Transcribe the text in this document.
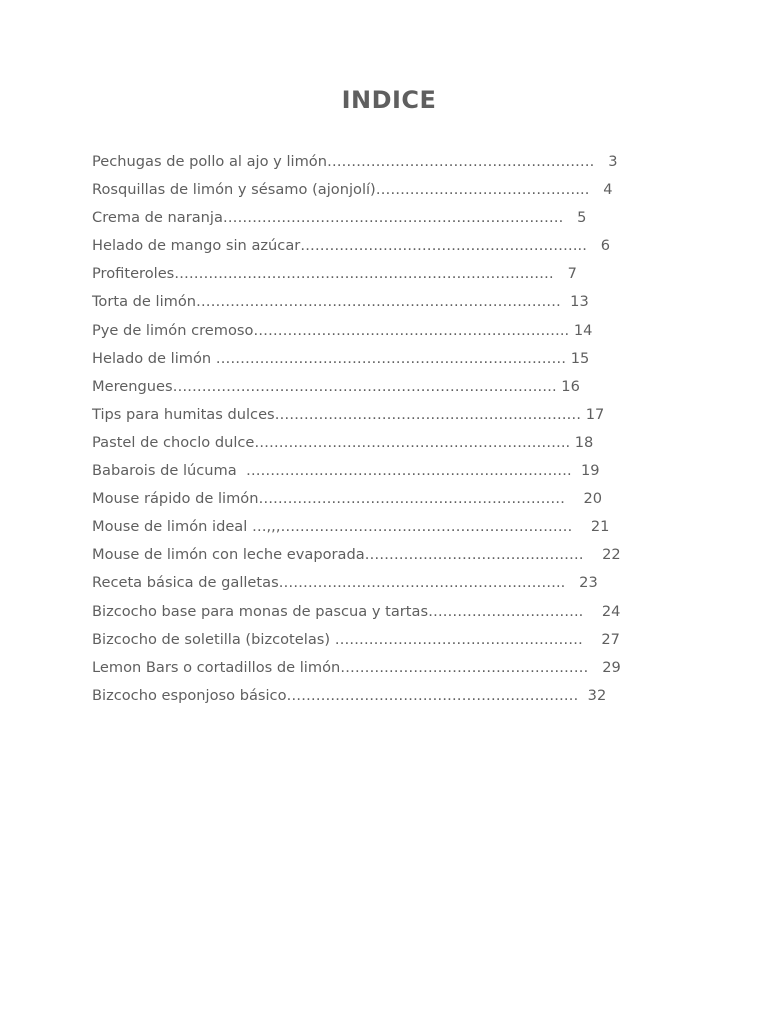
INDICE
Pechugas de pollo al ajo y limón……………………………………………….   3
Rosquillas de limón y sésamo (ajonjolí)……………………………………..   4
Crema de naranja…………………………………………………………….   5
Helado de mango sin azúcar…………………………………………………..   6
Profiteroles……………………………………………………………………   7
Torta de limón…………………………………………………………………  13
Pye de limón cremoso……………………………………………………….. 14
Helado de limón ……………………………………………………………… 15
Merengues……………………………………………………………………. 16
Tips para humitas dulces……………………………………………………… 17
Pastel de choclo dulce……………………………………………………….. 18
Babarois de lúcuma  ………………………………………………………….  19
Mouse rápido de limón………………………………………………………    20
Mouse de limón ideal …,,,……………………………………………………    21
Mouse de limón con leche evaporada………………………………………    22
Receta básica de galletas…………………………………………………..   23
Bizcocho base para monas de pascua y tartas…………………………..    24
Bizcocho de soletilla (bizcotelas) ……………………………………………    27
Lemon Bars o cortadillos de limón……………………………………………   29
Bizcocho esponjoso básico……………………………………………………  32
